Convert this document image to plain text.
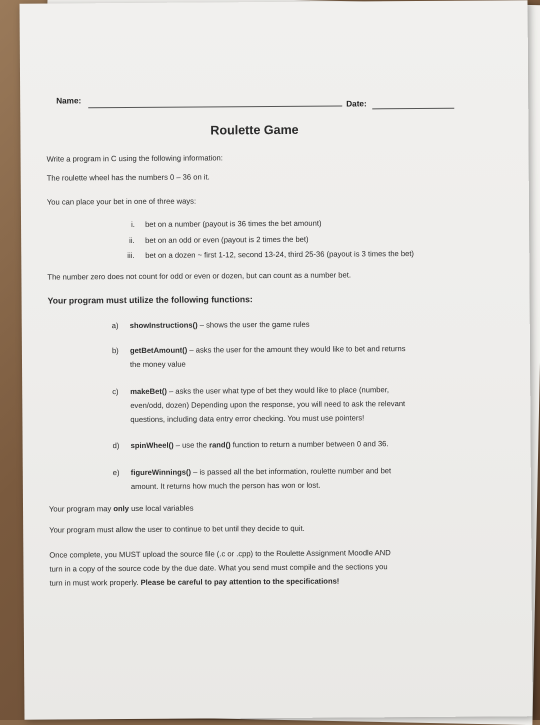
Name:	Date:
Roulette Game
Write a program in C using the following information:
The roulette wheel has the numbers 0 – 36 on it.
You can place your bet in one of three ways:
i. bet on a number (payout is 36 times the bet amount)
ii. bet on an odd or even (payout is 2 times the bet)
iii. bet on a dozen ~ first 1-12, second 13-24, third 25-36 (payout is 3 times the bet)
The number zero does not count for odd or even or dozen, but can count as a number bet.
Your program must utilize the following functions:
a) showInstructions() – shows the user the game rules
b) getBetAmount() – asks the user for the amount they would like to bet and returns
the money value
c) makeBet() – asks the user what type of bet they would like to place (number,
even/odd, dozen) Depending upon the response, you will need to ask the relevant
questions, including data entry error checking. You must use pointers!
d) spinWheel() – use the rand() function to return a number between 0 and 36.
e) figureWinnings() – is passed all the bet information, roulette number and bet
amount. It returns how much the person has won or lost.
Your program may only use local variables
Your program must allow the user to continue to bet until they decide to quit.
Once complete, you MUST upload the source file (.c or .cpp) to the Roulette Assignment Moodle AND
turn in a copy of the source code by the due date. What you send must compile and the sections you
turn in must work properly. Please be careful to pay attention to the specifications!
